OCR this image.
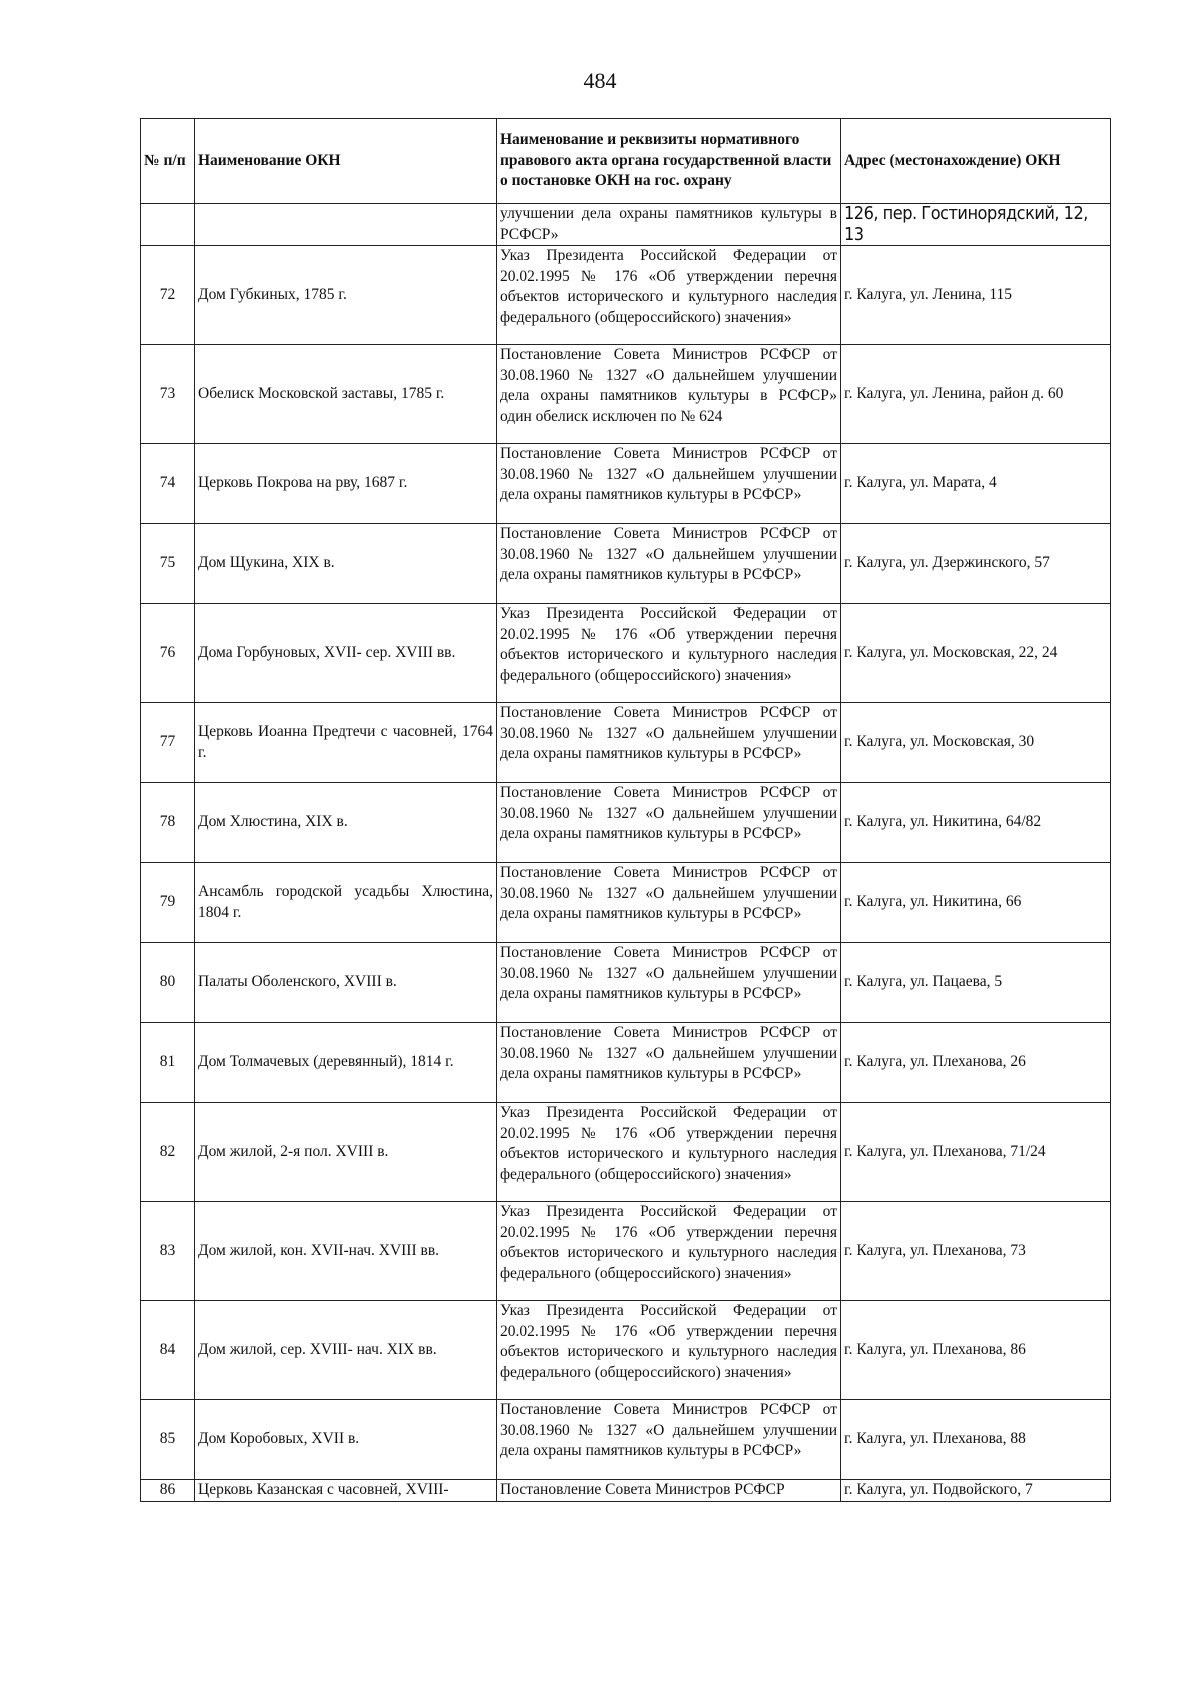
484
№ п/п	Наименование ОКН	Наименование и реквизиты нормативного правового акта органа государственной власти о постановке ОКН на гос. охрану	Адрес (местонахождение) ОКН
		улучшении дела охраны памятников культуры в РСФСР»	126, пер. Гостинорядский, 12, 13
72	Дом Губкиных, 1785 г.	Указ Президента Российской Федерации от 20.02.1995 № 176 «Об утверждении перечня объектов исторического и культурного наследия федерального (общероссийского) значения»	г. Калуга, ул. Ленина, 115
73	Обелиск Московской заставы, 1785 г.	Постановление Совета Министров РСФСР от 30.08.1960 № 1327 «О дальнейшем улучшении дела охраны памятников культуры в РСФСР» один обелиск исключен по № 624	г. Калуга, ул. Ленина, район д. 60
74	Церковь Покрова на рву, 1687 г.	Постановление Совета Министров РСФСР от 30.08.1960 № 1327 «О дальнейшем улучшении дела охраны памятников культуры в РСФСР»	г. Калуга, ул. Марата, 4
75	Дом Щукина, XIX в.	Постановление Совета Министров РСФСР от 30.08.1960 № 1327 «О дальнейшем улучшении дела охраны памятников культуры в РСФСР»	г. Калуга, ул. Дзержинского, 57
76	Дома Горбуновых, XVII- сер. XVIII вв.	Указ Президента Российской Федерации от 20.02.1995 № 176 «Об утверждении перечня объектов исторического и культурного наследия федерального (общероссийского) значения»	г. Калуга, ул. Московская, 22, 24
77	Церковь Иоанна Предтечи с часовней, 1764 г.	Постановление Совета Министров РСФСР от 30.08.1960 № 1327 «О дальнейшем улучшении дела охраны памятников культуры в РСФСР»	г. Калуга, ул. Московская, 30
78	Дом Хлюстина, XIX в.	Постановление Совета Министров РСФСР от 30.08.1960 № 1327 «О дальнейшем улучшении дела охраны памятников культуры в РСФСР»	г. Калуга, ул. Никитина, 64/82
79	Ансамбль городской усадьбы Хлюстина, 1804 г.	Постановление Совета Министров РСФСР от 30.08.1960 № 1327 «О дальнейшем улучшении дела охраны памятников культуры в РСФСР»	г. Калуга, ул. Никитина, 66
80	Палаты Оболенского, XVIII в.	Постановление Совета Министров РСФСР от 30.08.1960 № 1327 «О дальнейшем улучшении дела охраны памятников культуры в РСФСР»	г. Калуга, ул. Пацаева, 5
81	Дом Толмачевых (деревянный), 1814 г.	Постановление Совета Министров РСФСР от 30.08.1960 № 1327 «О дальнейшем улучшении дела охраны памятников культуры в РСФСР»	г. Калуга, ул. Плеханова, 26
82	Дом жилой, 2-я пол. XVIII в.	Указ Президента Российской Федерации от 20.02.1995 № 176 «Об утверждении перечня объектов исторического и культурного наследия федерального (общероссийского) значения»	г. Калуга, ул. Плеханова, 71/24
83	Дом жилой, кон. XVII-нач. XVIII вв.	Указ Президента Российской Федерации от 20.02.1995 № 176 «Об утверждении перечня объектов исторического и культурного наследия федерального (общероссийского) значения»	г. Калуга, ул. Плеханова, 73
84	Дом жилой, сер. XVIII- нач. XIX вв.	Указ Президента Российской Федерации от 20.02.1995 № 176 «Об утверждении перечня объектов исторического и культурного наследия федерального (общероссийского) значения»	г. Калуга, ул. Плеханова, 86
85	Дом Коробовых, XVII в.	Постановление Совета Министров РСФСР от 30.08.1960 № 1327 «О дальнейшем улучшении дела охраны памятников культуры в РСФСР»	г. Калуга, ул. Плеханова, 88
86	Церковь Казанская с часовней, XVIII-	Постановление Совета Министров РСФСР	г. Калуга, ул. Подвойского, 7
